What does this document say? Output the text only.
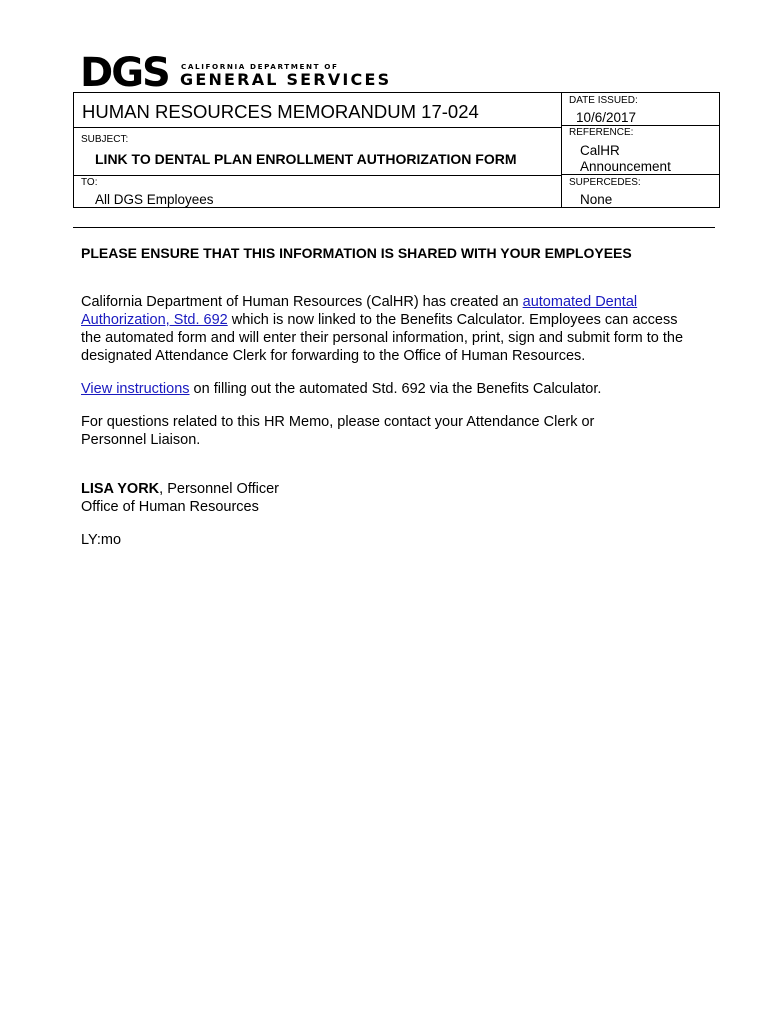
DGS CALIFORNIA DEPARTMENT OF
GENERAL SERVICES
HUMAN RESOURCES MEMORANDUM 17-024
SUBJECT:
LINK TO DENTAL PLAN ENROLLMENT AUTHORIZATION FORM
TO:
All DGS Employees
DATE ISSUED:
10/6/2017
REFERENCE:
CalHR
Announcement
SUPERCEDES:
None
PLEASE ENSURE THAT THIS INFORMATION IS SHARED WITH YOUR EMPLOYEES
California Department of Human Resources (CalHR) has created an automated Dental Authorization, Std. 692 which is now linked to the Benefits Calculator. Employees can access the automated form and will enter their personal information, print, sign and submit form to the designated Attendance Clerk for forwarding to the Office of Human Resources.
View instructions on filling out the automated Std. 692 via the Benefits Calculator.
For questions related to this HR Memo, please contact your Attendance Clerk or Personnel Liaison.
LISA YORK, Personnel Officer
Office of Human Resources
LY:mo
